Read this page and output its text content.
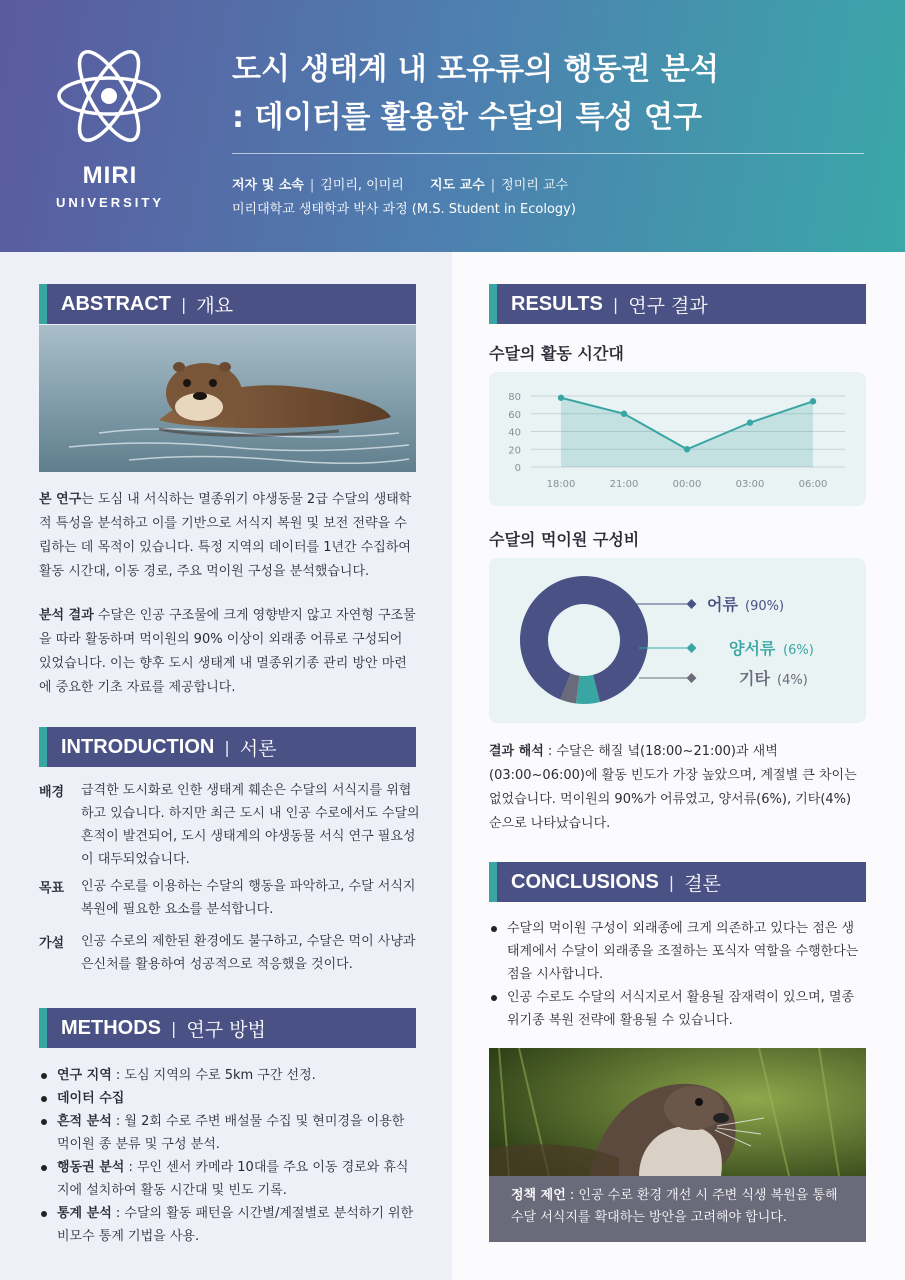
MIRI
UNIVERSITY
도시 생태계 내 포유류의 행동권 분석
: 데이터를 활용한 수달의 특성 연구
저자 및 소속 | 김미리, 이미리 지도 교수 | 정미리 교수
미리대학교 생태학과 박사 과정 (M.S. Student in Ecology)
ABSTRACT | 개요
본 연구는 도심 내 서식하는 멸종위기 야생동물 2급 수달의 생태학적 특성을 분석하고 이를 기반으로 서식지 복원 및 보전 전략을 수립하는 데 목적이 있습니다. 특정 지역의 데이터를 1년간 수집하여 활동 시간대, 이동 경로, 주요 먹이원 구성을 분석했습니다.
분석 결과 수달은 인공 구조물에 크게 영향받지 않고 자연형 구조물을 따라 활동하며 먹이원의 90% 이상이 외래종 어류로 구성되어 있었습니다. 이는 향후 도시 생태계 내 멸종위기종 관리 방안 마련에 중요한 기초 자료를 제공합니다.
INTRODUCTION | 서론
배경 급격한 도시화로 인한 생태계 훼손은 수달의 서식지를 위협하고 있습니다. 하지만 최근 도시 내 인공 수로에서도 수달의 흔적이 발견되어, 도시 생태계의 야생동물 서식 연구 필요성이 대두되었습니다.
목표 인공 수로를 이용하는 수달의 행동을 파악하고, 수달 서식지 복원에 필요한 요소를 분석합니다.
가설 인공 수로의 제한된 환경에도 불구하고, 수달은 먹이 사냥과 은신처를 활용하여 성공적으로 적응했을 것이다.
METHODS | 연구 방법
연구 지역 : 도심 지역의 수로 5km 구간 선정.
데이터 수집
흔적 분석 : 월 2회 수로 주변 배설물 수집 및 현미경을 이용한 먹이원 종 분류 및 구성 분석.
행동권 분석 : 무인 센서 카메라 10대를 주요 이동 경로와 휴식지에 설치하여 활동 시간대 및 빈도 기록.
통계 분석 : 수달의 활동 패턴을 시간별/계절별로 분석하기 위한 비모수 통계 기법을 사용.
RESULTS | 연구 결과
수달의 활동 시간대
0
20
40
60
80
18:00	21:00	00:00	03:00	06:00
수달의 먹이원 구성비
어류 (90%)
양서류 (6%)
기타 (4%)
결과 해석 : 수달은 해질 녘(18:00~21:00)과 새벽(03:00~06:00)에 활동 빈도가 가장 높았으며, 계절별 큰 차이는 없었습니다. 먹이원의 90%가 어류였고, 양서류(6%), 기타(4%) 순으로 나타났습니다.
CONCLUSIONS | 결론
수달의 먹이원 구성이 외래종에 크게 의존하고 있다는 점은 생태계에서 수달이 외래종을 조절하는 포식자 역할을 수행한다는 점을 시사합니다.
인공 수로도 수달의 서식지로서 활용될 잠재력이 있으며, 멸종위기종 복원 전략에 활용될 수 있습니다.
정책 제언 : 인공 수로 환경 개선 시 주변 식생 복원을 통해 수달 서식지를 확대하는 방안을 고려해야 합니다.
